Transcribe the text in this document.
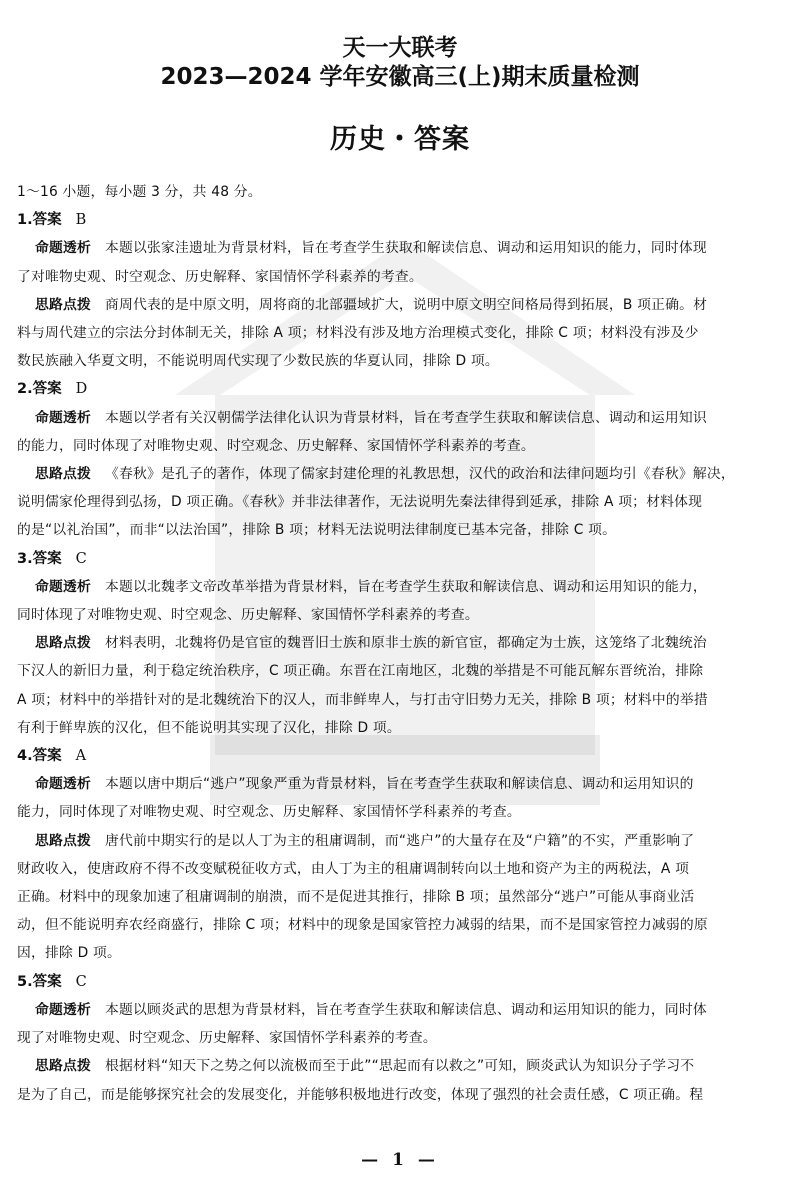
天一大联考
2023—2024 学年安徽高三(上)期末质量检测
历史・答案
1～16 小题，每小题 3 分，共 48 分。
1.答案 B
命题透析 本题以张家洼遗址为背景材料，旨在考查学生获取和解读信息、调动和运用知识的能力，同时体现
了对唯物史观、时空观念、历史解释、家国情怀学科素养的考查。
思路点拨 商周代表的是中原文明，周将商的北部疆域扩大，说明中原文明空间格局得到拓展，B 项正确。材
料与周代建立的宗法分封体制无关，排除 A 项；材料没有涉及地方治理模式变化，排除 C 项；材料没有涉及少
数民族融入华夏文明，不能说明周代实现了少数民族的华夏认同，排除 D 项。
2.答案 D
命题透析 本题以学者有关汉朝儒学法律化认识为背景材料，旨在考查学生获取和解读信息、调动和运用知识
的能力，同时体现了对唯物史观、时空观念、历史解释、家国情怀学科素养的考查。
思路点拨 《春秋》是孔子的著作，体现了儒家封建伦理的礼教思想，汉代的政治和法律问题均引《春秋》解决，
说明儒家伦理得到弘扬，D 项正确。《春秋》并非法律著作，无法说明先秦法律得到延承，排除 A 项；材料体现
的是“以礼治国”，而非“以法治国”，排除 B 项；材料无法说明法律制度已基本完备，排除 C 项。
3.答案 C
命题透析 本题以北魏孝文帝改革举措为背景材料，旨在考查学生获取和解读信息、调动和运用知识的能力，
同时体现了对唯物史观、时空观念、历史解释、家国情怀学科素养的考查。
思路点拨 材料表明，北魏将仍是官宦的魏晋旧士族和原非士族的新官宦，都确定为士族，这笼络了北魏统治
下汉人的新旧力量，利于稳定统治秩序，C 项正确。东晋在江南地区，北魏的举措是不可能瓦解东晋统治，排除
A 项；材料中的举措针对的是北魏统治下的汉人，而非鲜卑人，与打击守旧势力无关，排除 B 项；材料中的举措
有利于鲜卑族的汉化，但不能说明其实现了汉化，排除 D 项。
4.答案 A
命题透析 本题以唐中期后“逃户”现象严重为背景材料，旨在考查学生获取和解读信息、调动和运用知识的
能力，同时体现了对唯物史观、时空观念、历史解释、家国情怀学科素养的考查。
思路点拨 唐代前中期实行的是以人丁为主的租庸调制，而“逃户”的大量存在及“户籍”的不实，严重影响了
财政收入，使唐政府不得不改变赋税征收方式，由人丁为主的租庸调制转向以土地和资产为主的两税法，A 项
正确。材料中的现象加速了租庸调制的崩溃，而不是促进其推行，排除 B 项；虽然部分“逃户”可能从事商业活
动，但不能说明弃农经商盛行，排除 C 项；材料中的现象是国家管控力减弱的结果，而不是国家管控力减弱的原
因，排除 D 项。
5.答案 C
命题透析 本题以顾炎武的思想为背景材料，旨在考查学生获取和解读信息、调动和运用知识的能力，同时体
现了对唯物史观、时空观念、历史解释、家国情怀学科素养的考查。
思路点拨 根据材料“知天下之势之何以流极而至于此”“思起而有以救之”可知，顾炎武认为知识分子学习不
是为了自己，而是能够探究社会的发展变化，并能够积极地进行改变，体现了强烈的社会责任感，C 项正确。程
— 1 —
